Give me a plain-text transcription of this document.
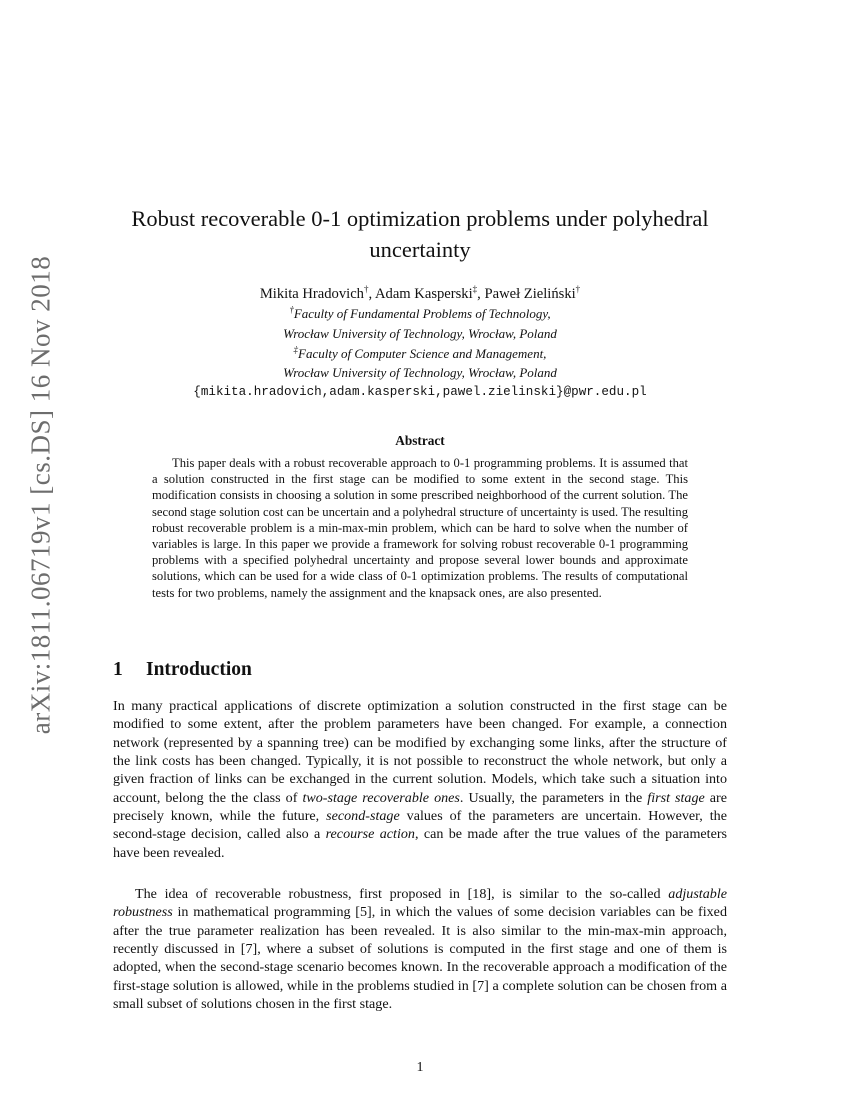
arXiv:1811.06719v1 [cs.DS] 16 Nov 2018
Robust recoverable 0-1 optimization problems under polyhedral uncertainty
Mikita Hradovich†, Adam Kasperski‡, Paweł Zieliński†
†Faculty of Fundamental Problems of Technology,
Wrocław University of Technology, Wrocław, Poland
‡Faculty of Computer Science and Management,
Wrocław University of Technology, Wrocław, Poland
{mikita.hradovich,adam.kasperski,pawel.zielinski}@pwr.edu.pl
Abstract
This paper deals with a robust recoverable approach to 0-1 programming problems. It is assumed that a solution constructed in the first stage can be modified to some extent in the second stage. This modification consists in choosing a solution in some prescribed neighborhood of the current solution. The second stage solution cost can be uncertain and a polyhedral structure of uncertainty is used. The resulting robust recoverable problem is a min-max-min problem, which can be hard to solve when the number of variables is large. In this paper we provide a framework for solving robust recoverable 0-1 programming problems with a specified polyhedral uncertainty and propose several lower bounds and approximate solutions, which can be used for a wide class of 0-1 optimization problems. The results of computational tests for two problems, namely the assignment and the knapsack ones, are also presented.
1 Introduction
In many practical applications of discrete optimization a solution constructed in the first stage can be modified to some extent, after the problem parameters have been changed. For example, a connection network (represented by a spanning tree) can be modified by exchanging some links, after the structure of the link costs has been changed. Typically, it is not possible to reconstruct the whole network, but only a given fraction of links can be exchanged in the current solution. Models, which take such a situation into account, belong the the class of two-stage recoverable ones. Usually, the parameters in the first stage are precisely known, while the future, second-stage values of the parameters are uncertain. However, the second-stage decision, called also a recourse action, can be made after the true values of the parameters have been revealed.
The idea of recoverable robustness, first proposed in [18], is similar to the so-called adjustable robustness in mathematical programming [5], in which the values of some decision variables can be fixed after the true parameter realization has been revealed. It is also similar to the min-max-min approach, recently discussed in [7], where a subset of solutions is computed in the first stage and one of them is adopted, when the second-stage scenario becomes known. In the recoverable approach a modification of the first-stage solution is allowed, while in the problems studied in [7] a complete solution can be chosen from a small subset of solutions chosen in the first stage.
1
